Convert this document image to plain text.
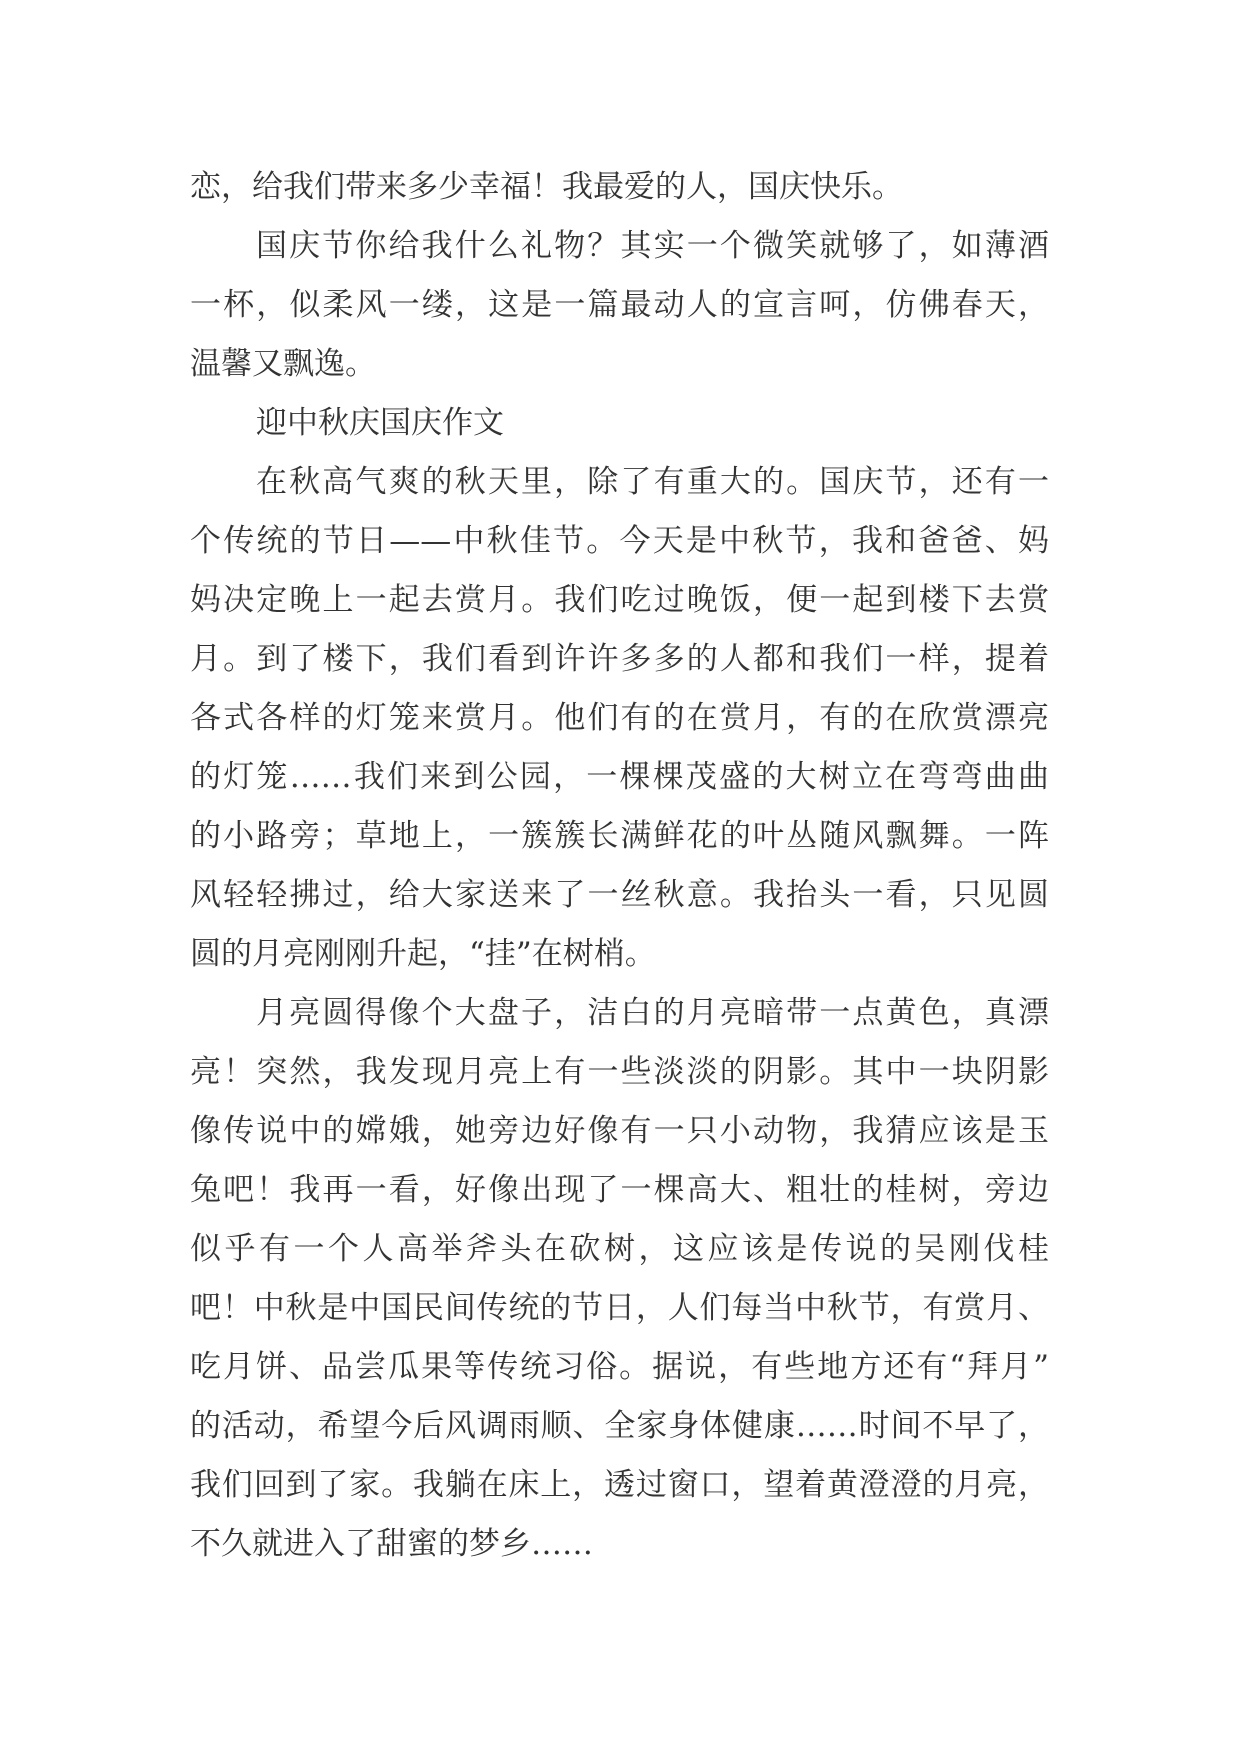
恋，给我们带来多少幸福！我最爱的人，国庆快乐。
国庆节你给我什么礼物？其实一个微笑就够了，如薄酒
一杯，似柔风一缕，这是一篇最动人的宣言呵，仿佛春天，
温馨又飘逸。
迎中秋庆国庆作文
在秋高气爽的秋天里，除了有重大的。国庆节，还有一
个传统的节日——中秋佳节。今天是中秋节，我和爸爸、妈
妈决定晚上一起去赏月。我们吃过晚饭，便一起到楼下去赏
月。到了楼下，我们看到许许多多的人都和我们一样，提着
各式各样的灯笼来赏月。他们有的在赏月，有的在欣赏漂亮
的灯笼……我们来到公园，一棵棵茂盛的大树立在弯弯曲曲
的小路旁；草地上，一簇簇长满鲜花的叶丛随风飘舞。一阵
风轻轻拂过，给大家送来了一丝秋意。我抬头一看，只见圆
圆的月亮刚刚升起，“挂”在树梢。
月亮圆得像个大盘子，洁白的月亮暗带一点黄色，真漂
亮！突然，我发现月亮上有一些淡淡的阴影。其中一块阴影
像传说中的嫦娥，她旁边好像有一只小动物，我猜应该是玉
兔吧！我再一看，好像出现了一棵高大、粗壮的桂树，旁边
似乎有一个人高举斧头在砍树，这应该是传说的吴刚伐桂
吧！中秋是中国民间传统的节日，人们每当中秋节，有赏月、
吃月饼、品尝瓜果等传统习俗。据说，有些地方还有“拜月”
的活动，希望今后风调雨顺、全家身体健康……时间不早了，
我们回到了家。我躺在床上，透过窗口，望着黄澄澄的月亮，
不久就进入了甜蜜的梦乡……
